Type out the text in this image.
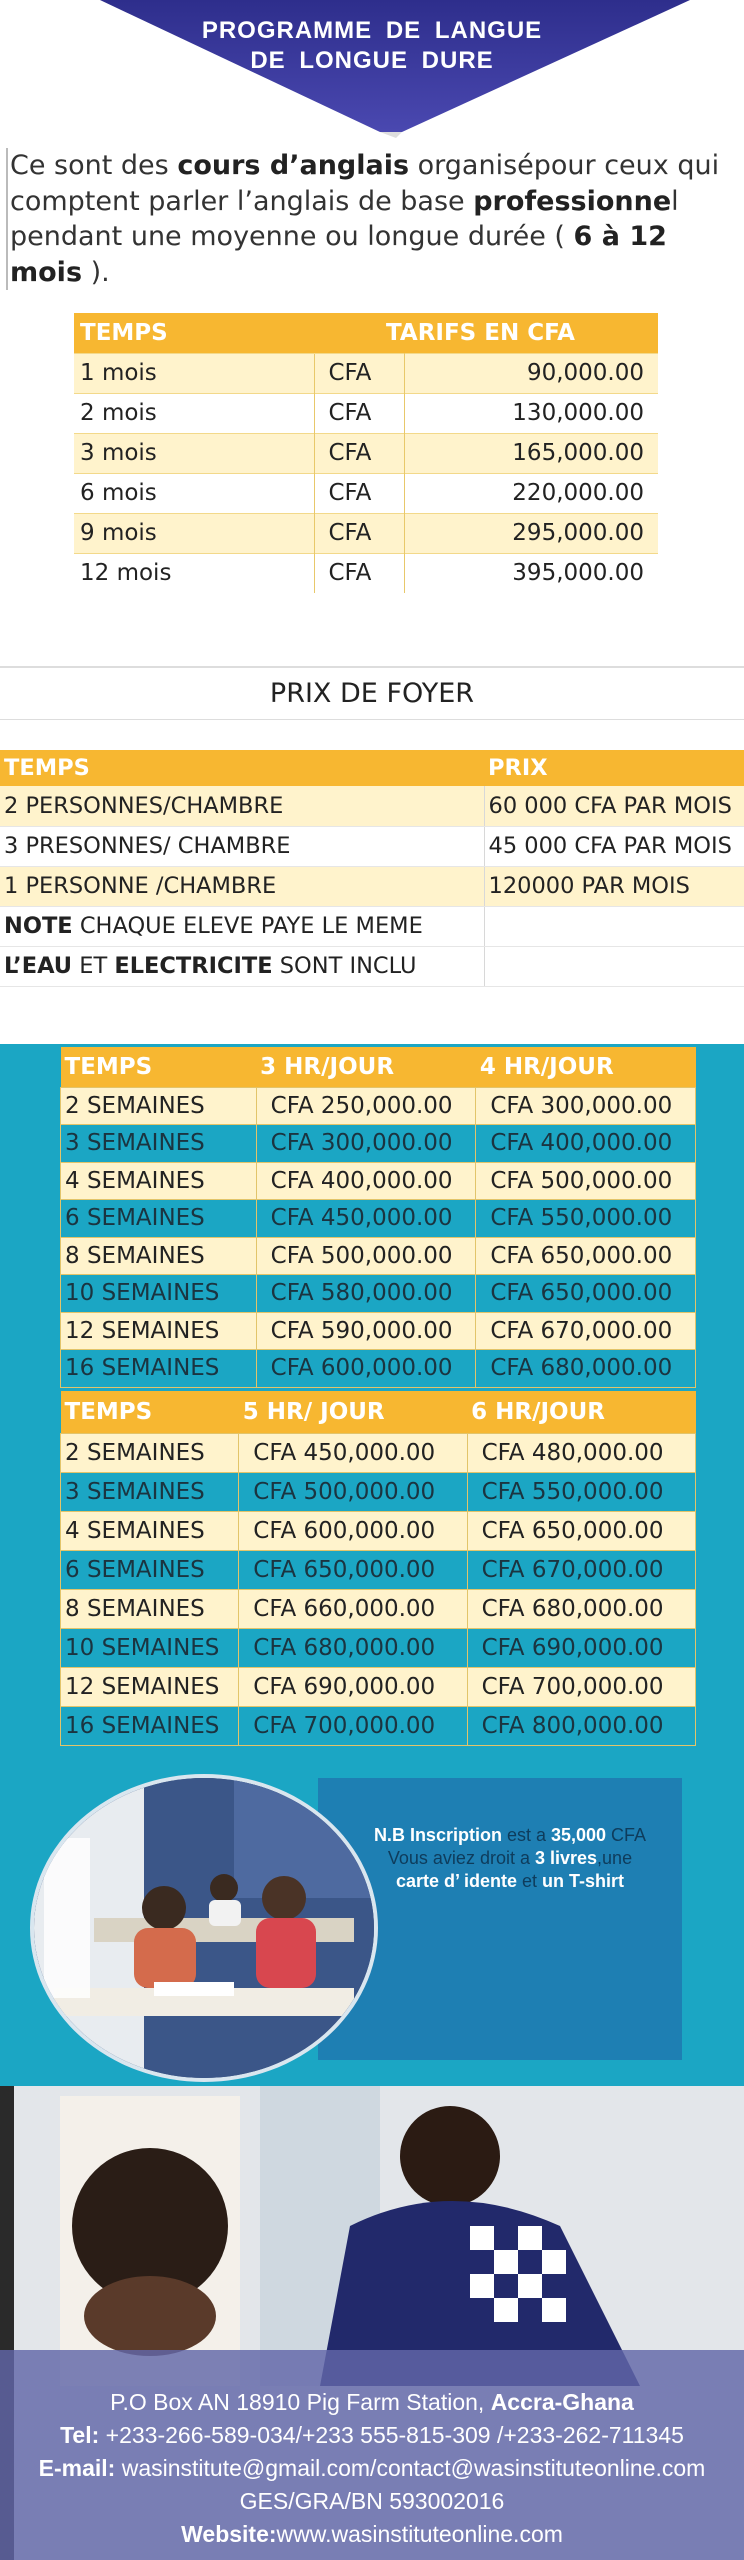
PROGRAMME DE LANGUE
DE LONGUE DURE

Ce sont des cours d’anglais organisépour ceux qui comptent parler l’anglais de base professionnel pendant une moyenne ou longue durée ( 6 à 12 mois ).

TEMPS	TARIFS EN CFA	
1 mois	CFA	90,000.00
2 mois	CFA	130,000.00
3 mois	CFA	165,000.00
6 mois	CFA	220,000.00
9 mois	CFA	295,000.00
12 mois	CFA	395,000.00
PRIX DE FOYER
TEMPS	PRIX
2 PERSONNES/CHAMBRE	60 000 CFA PAR MOIS
3 PRESONNES/ CHAMBRE	45 000 CFA PAR MOIS
1 PERSONNE /CHAMBRE	120000 PAR MOIS
NOTE CHAQUE ELEVE PAYE LE MEME	
L’EAU ET ELECTRICITE SONT INCLU	
TEMPS	3 HR/JOUR	4 HR/JOUR
2 SEMAINES	CFA 250,000.00	CFA 300,000.00
3 SEMAINES	CFA 300,000.00	CFA 400,000.00
4 SEMAINES	CFA 400,000.00	CFA 500,000.00
6 SEMAINES	CFA 450,000.00	CFA 550,000.00
8 SEMAINES	CFA 500,000.00	CFA 650,000.00
10 SEMAINES	CFA 580,000.00	CFA 650,000.00
12 SEMAINES	CFA 590,000.00	CFA 670,000.00
16 SEMAINES	CFA 600,000.00	CFA 680,000.00
TEMPS	5 HR/ JOUR	6 HR/JOUR
2 SEMAINES	CFA 450,000.00	CFA 480,000.00
3 SEMAINES	CFA 500,000.00	CFA 550,000.00
4 SEMAINES	CFA 600,000.00	CFA 650,000.00
6 SEMAINES	CFA 650,000.00	CFA 670,000.00
8 SEMAINES	CFA 660,000.00	CFA 680,000.00
10 SEMAINES	CFA 680,000.00	CFA 690,000.00
12 SEMAINES	CFA 690,000.00	CFA 700,000.00
16 SEMAINES	CFA 700,000.00	CFA 800,000.00
N.B Inscription est a 35,000 CFA
Vous aviez droit a 3 livres,une
carte d’ idente et un T-shirt
P.O Box AN 18910 Pig Farm Station, Accra-Ghana
Tel: +233-266-589-034/+233 555-815-309 /+233-262-711345
E-mail: wasinstitute@gmail.com/contact@wasinstituteonline.com
GES/GRA/BN 593002016
Website:www.wasinstituteonline.com
